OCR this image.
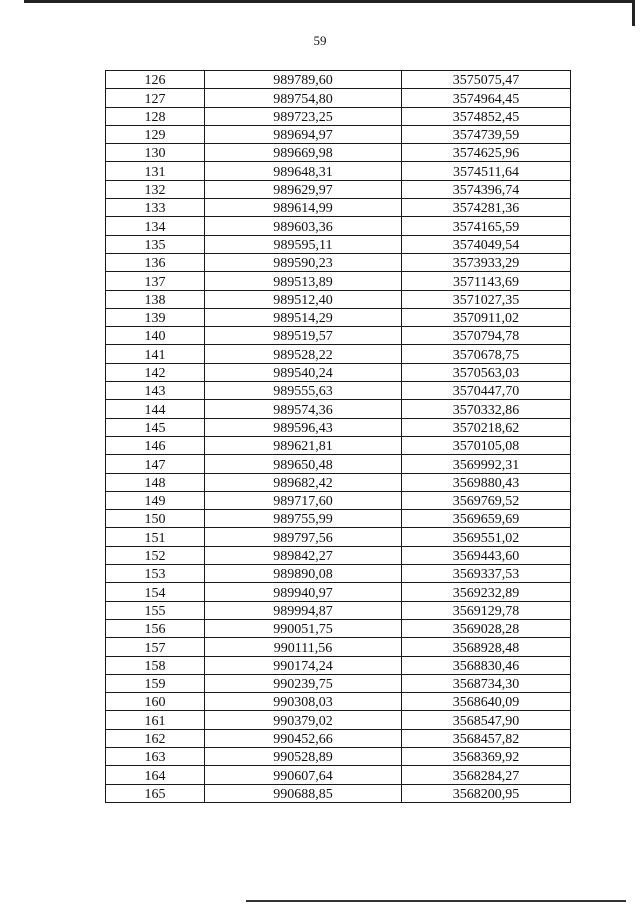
59
126	989789,60	3575075,47
127	989754,80	3574964,45
128	989723,25	3574852,45
129	989694,97	3574739,59
130	989669,98	3574625,96
131	989648,31	3574511,64
132	989629,97	3574396,74
133	989614,99	3574281,36
134	989603,36	3574165,59
135	989595,11	3574049,54
136	989590,23	3573933,29
137	989513,89	3571143,69
138	989512,40	3571027,35
139	989514,29	3570911,02
140	989519,57	3570794,78
141	989528,22	3570678,75
142	989540,24	3570563,03
143	989555,63	3570447,70
144	989574,36	3570332,86
145	989596,43	3570218,62
146	989621,81	3570105,08
147	989650,48	3569992,31
148	989682,42	3569880,43
149	989717,60	3569769,52
150	989755,99	3569659,69
151	989797,56	3569551,02
152	989842,27	3569443,60
153	989890,08	3569337,53
154	989940,97	3569232,89
155	989994,87	3569129,78
156	990051,75	3569028,28
157	990111,56	3568928,48
158	990174,24	3568830,46
159	990239,75	3568734,30
160	990308,03	3568640,09
161	990379,02	3568547,90
162	990452,66	3568457,82
163	990528,89	3568369,92
164	990607,64	3568284,27
165	990688,85	3568200,95
